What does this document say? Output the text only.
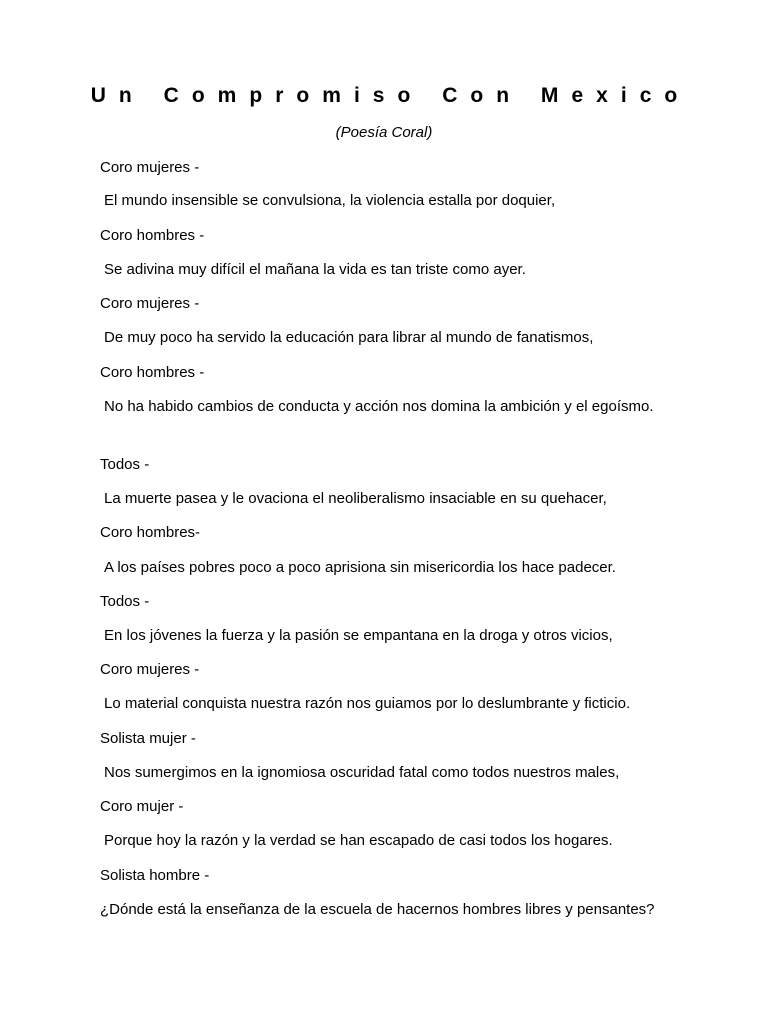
Un Compromiso Con Mexico
(Poesía Coral)
Coro mujeres -
El mundo insensible se convulsiona, la violencia estalla por doquier,
Coro hombres -
Se adivina muy difícil el mañana la vida es tan triste como ayer.
Coro mujeres -
De muy poco ha servido la educación para librar al mundo de fanatismos,
Coro hombres -
No ha habido cambios de conducta y acción nos domina la ambición y el egoísmo.
Todos -
La muerte pasea y le ovaciona el neoliberalismo insaciable en su quehacer,
Coro hombres-
A los países pobres poco a poco aprisiona sin misericordia los hace padecer.
Todos -
En los jóvenes la fuerza y la pasión se empantana en la droga y otros vicios,
Coro mujeres -
Lo material conquista nuestra razón nos guiamos por lo deslumbrante y ficticio.
Solista mujer -
Nos sumergimos en la ignomiosa oscuridad fatal como todos nuestros males,
Coro mujer -
Porque hoy la razón y la verdad se han escapado de casi todos los hogares.
Solista hombre -
¿Dónde está la enseñanza de la escuela de hacernos hombres libres y pensantes?
